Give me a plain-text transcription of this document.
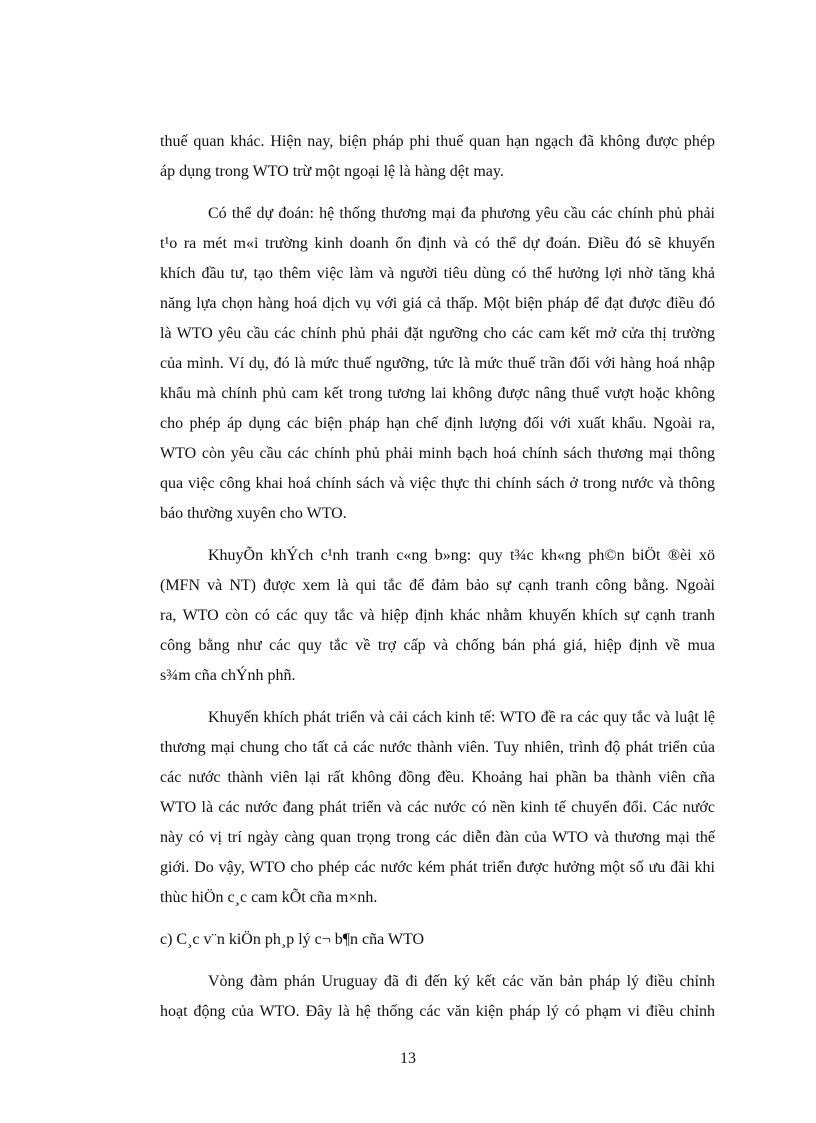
thuế quan khác. Hiện nay, biện pháp phi thuế quan hạn ngạch đã không được phép
áp dụng trong WTO trừ một ngoại lệ là hàng dệt may.
Có thể dự đoán: hệ thống thương mại đa phương yêu cầu các chính phủ phải
t¹o ra mét m«i trường kinh doanh ổn định và có thể dự đoán. Điều đó sẽ khuyến
khích đầu tư, tạo thêm việc làm và người tiêu dùng có thể hưởng lợi nhờ tăng khả
năng lựa chọn hàng hoá dịch vụ với giá cả thấp. Một biện pháp để đạt được điều đó
là WTO yêu cầu các chính phủ phải đặt ngưỡng cho các cam kết mở cửa thị trường
của mình. Ví dụ, đó là mức thuế ngưỡng, tức là mức thuế trần đối với hàng hoá nhập
khẩu mà chính phủ cam kết trong tương lai không được nâng thuế vượt hoặc không
cho phép áp dụng các biện pháp hạn chế định lượng đối với xuất khẩu. Ngoài ra,
WTO còn yêu cầu các chính phủ phải minh bạch hoá chính sách thương mại thông
qua việc công khai hoá chính sách và việc thực thi chính sách ở trong nước và thông
báo thường xuyên cho WTO.
KhuyÕn khÝch c¹nh tranh c«ng b»ng: quy t¾c kh«ng ph©n biÖt ®èi xö
(MFN và NT) được xem là qui tắc để đảm bảo sự cạnh tranh công bằng. Ngoài
ra, WTO còn có các quy tắc và hiệp định khác nhằm khuyến khích sự cạnh tranh
công bằng như các quy tắc về trợ cấp và chống bán phá giá, hiệp định về mua
s¾m cña chÝnh phñ.
Khuyến khích phát triển và cải cách kinh tế: WTO đề ra các quy tắc và luật lệ
thương mại chung cho tất cả các nước thành viên. Tuy nhiên, trình độ phát triển của
các nước thành viên lại rất không đồng đều. Khoảng hai phần ba thành viên cña
WTO là các nước đang phát triển và các nước có nền kinh tế chuyển đổi. Các nước
này có vị trí ngày càng quan trọng trong các diễn đàn của WTO và thương mại thế
giới. Do vậy, WTO cho phép các nước kém phát triển được hưởng một số ưu đãi khi
thùc hiÖn c¸c cam kÕt cña m×nh.

c) C¸c v¨n kiÖn ph¸p lý c¬ b¶n cña WTO

Vòng đàm phán Uruguay đã đi đến ký kết các văn bản pháp lý điều chỉnh
hoạt động của WTO. Đây là hệ thống các văn kiện pháp lý có phạm vi điều chỉnh
13
